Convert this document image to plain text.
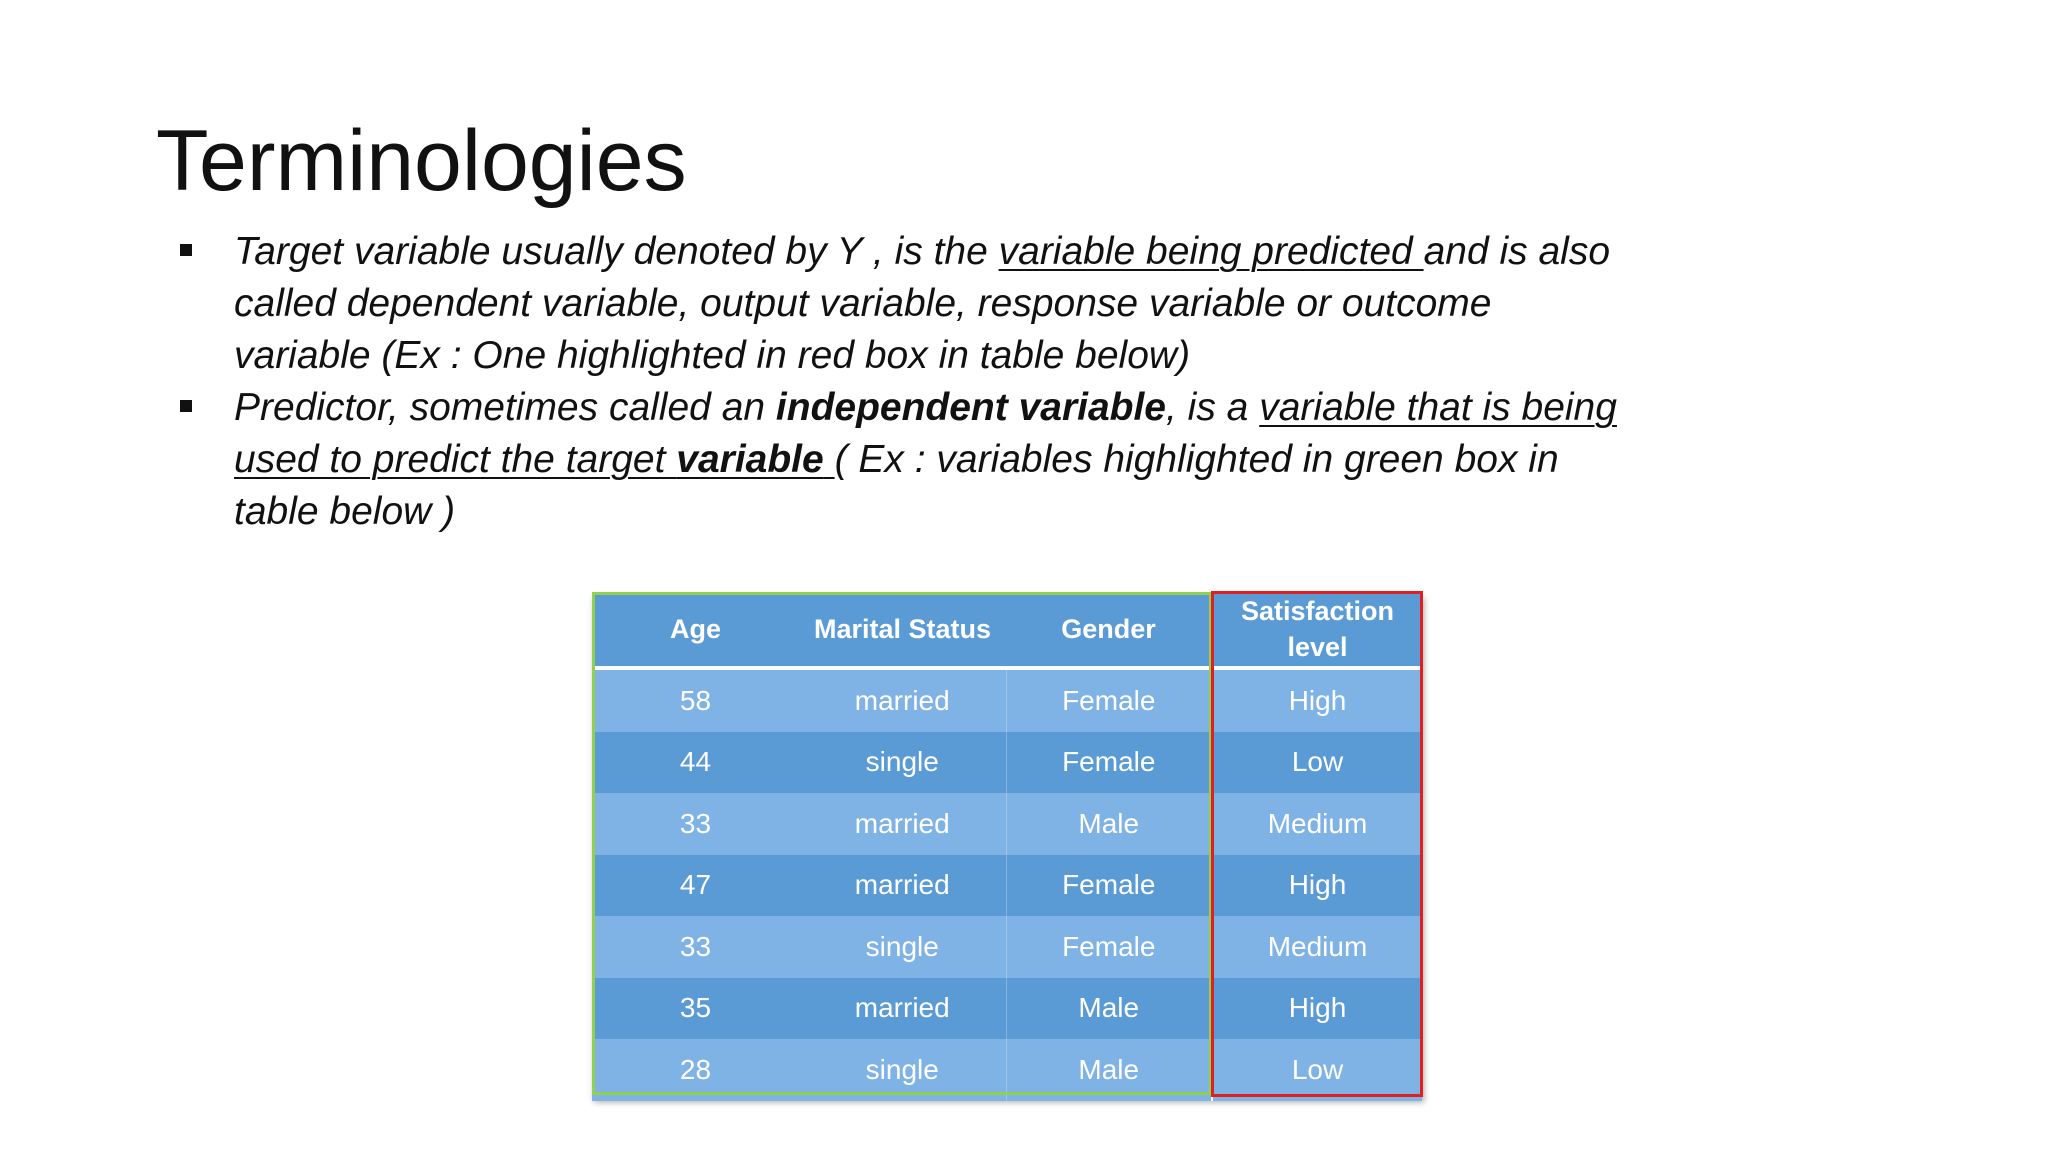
Terminologies
Target variable usually denoted by Y , is the variable being predicted and is also called dependent variable, output variable, response variable or outcome variable (Ex : One highlighted in red box in table below)
Predictor, sometimes called an independent variable, is a variable that is being used to predict the target variable ( Ex : variables highlighted in green box in table below )
Age	Marital Status	Gender	Satisfaction level
58	married	Female	High
44	single	Female	Low
33	married	Male	Medium
47	married	Female	High
33	single	Female	Medium
35	married	Male	High
28	single	Male	Low
